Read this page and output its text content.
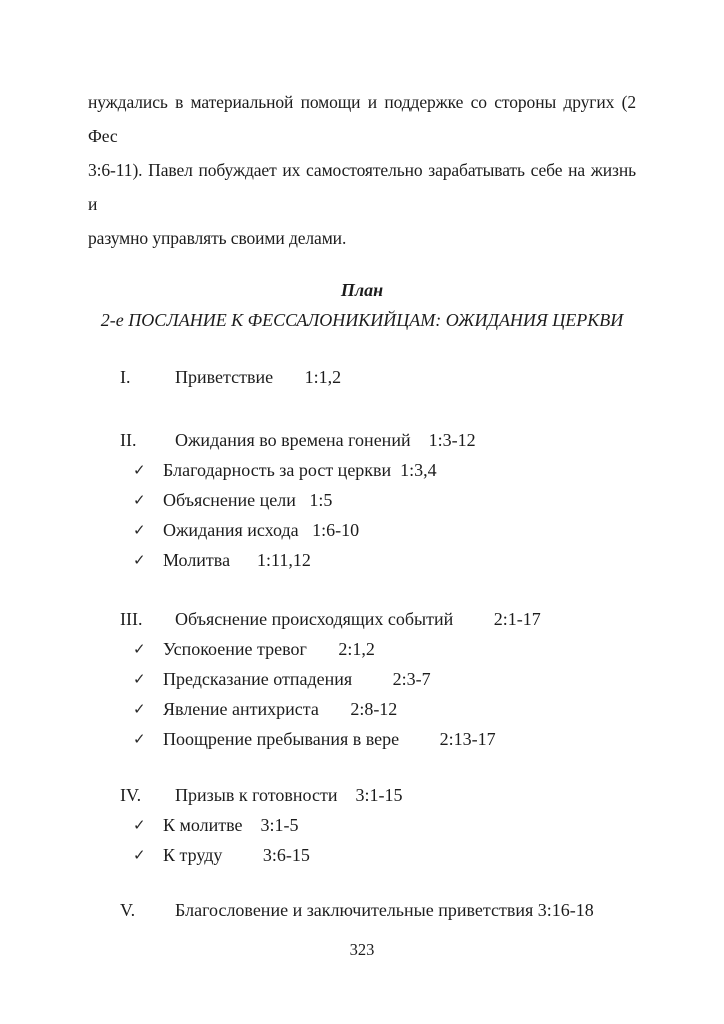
нуждались в материальной помощи и поддержке со стороны других (2 Фес
3:6-11). Павел побуждает их самостоятельно зарабатывать себе на жизнь и
разумно управлять своими делами.
План
2-е ПОСЛАНИЕ К ФЕССАЛОНИКИЙЦАМ: ОЖИДАНИЯ ЦЕРКВИ
I.	Приветствие       1:1,2
II.	Ожидания во времена гонений    1:3-12
✓ Благодарность за рост церкви  1:3,4
✓ Объяснение цели   1:5
✓ Ожидания исхода   1:6-10
✓ Молитва      1:11,12
III.	Объяснение происходящих событий         2:1-17
✓ Успокоение тревог       2:1,2
✓ Предсказание отпадения         2:3-7
✓ Явление антихриста       2:8-12
✓ Поощрение пребывания в вере         2:13-17
IV.	Призыв к готовности    3:1-15
✓ К молитве    3:1-5
✓ К труду         3:6-15
V.	Благословение и заключительные приветствия 3:16-18
323
